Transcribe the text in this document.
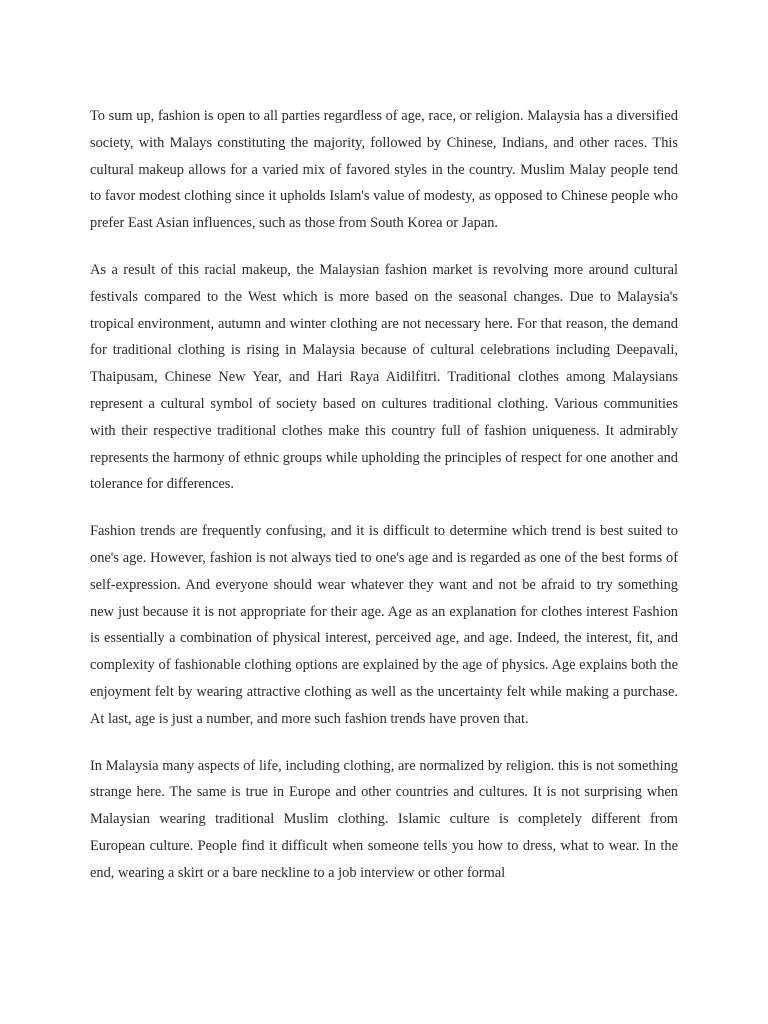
To sum up, fashion is open to all parties regardless of age, race, or religion. Malaysia has a diversified society, with Malays constituting the majority, followed by Chinese, Indians, and other races. This cultural makeup allows for a varied mix of favored styles in the country. Muslim Malay people tend to favor modest clothing since it upholds Islam's value of modesty, as opposed to Chinese people who prefer East Asian influences, such as those from South Korea or Japan.

As a result of this racial makeup, the Malaysian fashion market is revolving more around cultural festivals compared to the West which is more based on the seasonal changes. Due to Malaysia's tropical environment, autumn and winter clothing are not necessary here. For that reason, the demand for traditional clothing is rising in Malaysia because of cultural celebrations including Deepavali, Thaipusam, Chinese New Year, and Hari Raya Aidilfitri. Traditional clothes among Malaysians represent a cultural symbol of society based on cultures traditional clothing. Various communities with their respective traditional clothes make this country full of fashion uniqueness. It admirably represents the harmony of ethnic groups while upholding the principles of respect for one another and tolerance for differences.

Fashion trends are frequently confusing, and it is difficult to determine which trend is best suited to one's age. However, fashion is not always tied to one's age and is regarded as one of the best forms of self-expression. And everyone should wear whatever they want and not be afraid to try something new just because it is not appropriate for their age. Age as an explanation for clothes interest Fashion is essentially a combination of physical interest, perceived age, and age. Indeed, the interest, fit, and complexity of fashionable clothing options are explained by the age of physics. Age explains both the enjoyment felt by wearing attractive clothing as well as the uncertainty felt while making a purchase. At last, age is just a number, and more such fashion trends have proven that.

In Malaysia many aspects of life, including clothing, are normalized by religion. this is not something strange here. The same is true in Europe and other countries and cultures. It is not surprising when Malaysian wearing traditional Muslim clothing. Islamic culture is completely different from European culture. People find it difficult when someone tells you how to dress, what to wear. In the end, wearing a skirt or a bare neckline to a job interview or other formal
